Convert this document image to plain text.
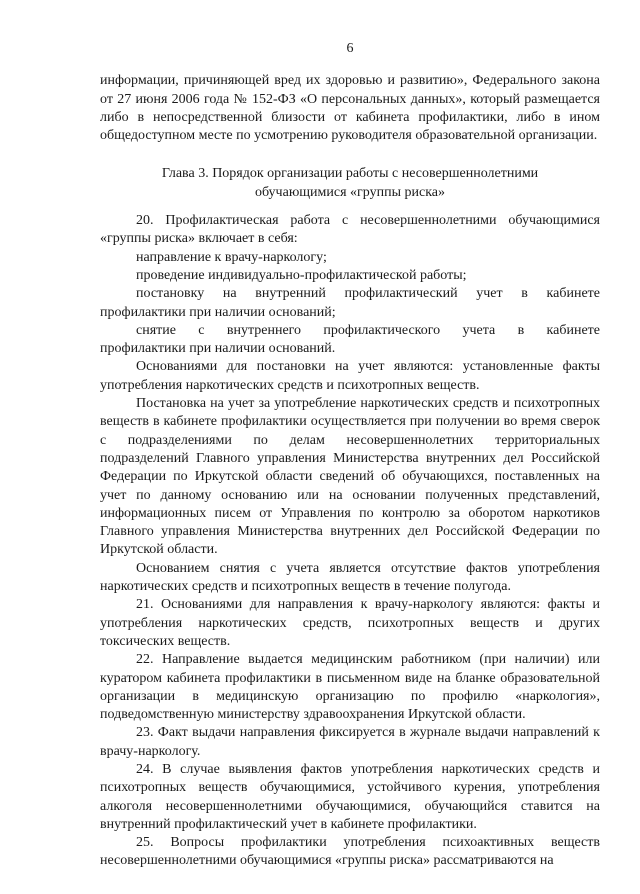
6

информации, причиняющей вред их здоровью и развитию», Федерального закона от 27 июня 2006 года № 152-ФЗ «О персональных данных», который размещается либо в непосредственной близости от кабинета профилактики, либо в ином общедоступном месте по усмотрению руководителя образовательной организации.

Глава 3. Порядок организации работы с несовершеннолетними
обучающимися «группы риска»

20. Профилактическая работа с несовершеннолетними обучающимися «группы риска» включает в себя:

направление к врачу-наркологу;

проведение индивидуально-профилактической работы;

постановку на внутренний профилактический учет в кабинете

профилактики при наличии оснований;

снятие с внутреннего профилактического учета в кабинете

профилактики при наличии оснований.

Основаниями для постановки на учет являются: установленные факты употребления наркотических средств и психотропных веществ.

Постановка на учет за употребление наркотических средств и психотропных веществ в кабинете профилактики осуществляется при получении во время сверок с подразделениями по делам несовершеннолетних территориальных подразделений Главного управления Министерства внутренних дел Российской Федерации по Иркутской области сведений об обучающихся, поставленных на учет по данному основанию или на основании полученных представлений, информационных писем от Управления по контролю за оборотом наркотиков Главного управления Министерства внутренних дел Российской Федерации по Иркутской области.

Основанием снятия с учета является отсутствие фактов употребления наркотических средств и психотропных веществ в течение полугода.

21. Основаниями для направления к врачу-наркологу являются: факты и употребления наркотических средств, психотропных веществ и других токсических веществ.

22. Направление выдается медицинским работником (при наличии) или куратором кабинета профилактики в письменном виде на бланке образовательной организации в медицинскую организацию по профилю «наркология», подведомственную министерству здравоохранения Иркутской области.

23. Факт выдачи направления фиксируется в журнале выдачи направлений к врачу-наркологу.

24. В случае выявления фактов употребления наркотических средств и психотропных веществ обучающимися, устойчивого курения, употребления алкоголя несовершеннолетними обучающимися, обучающийся ставится на внутренний профилактический учет в кабинете профилактики.

25. Вопросы профилактики употребления психоактивных веществ несовершеннолетними обучающимися «группы риска» рассматриваются на
